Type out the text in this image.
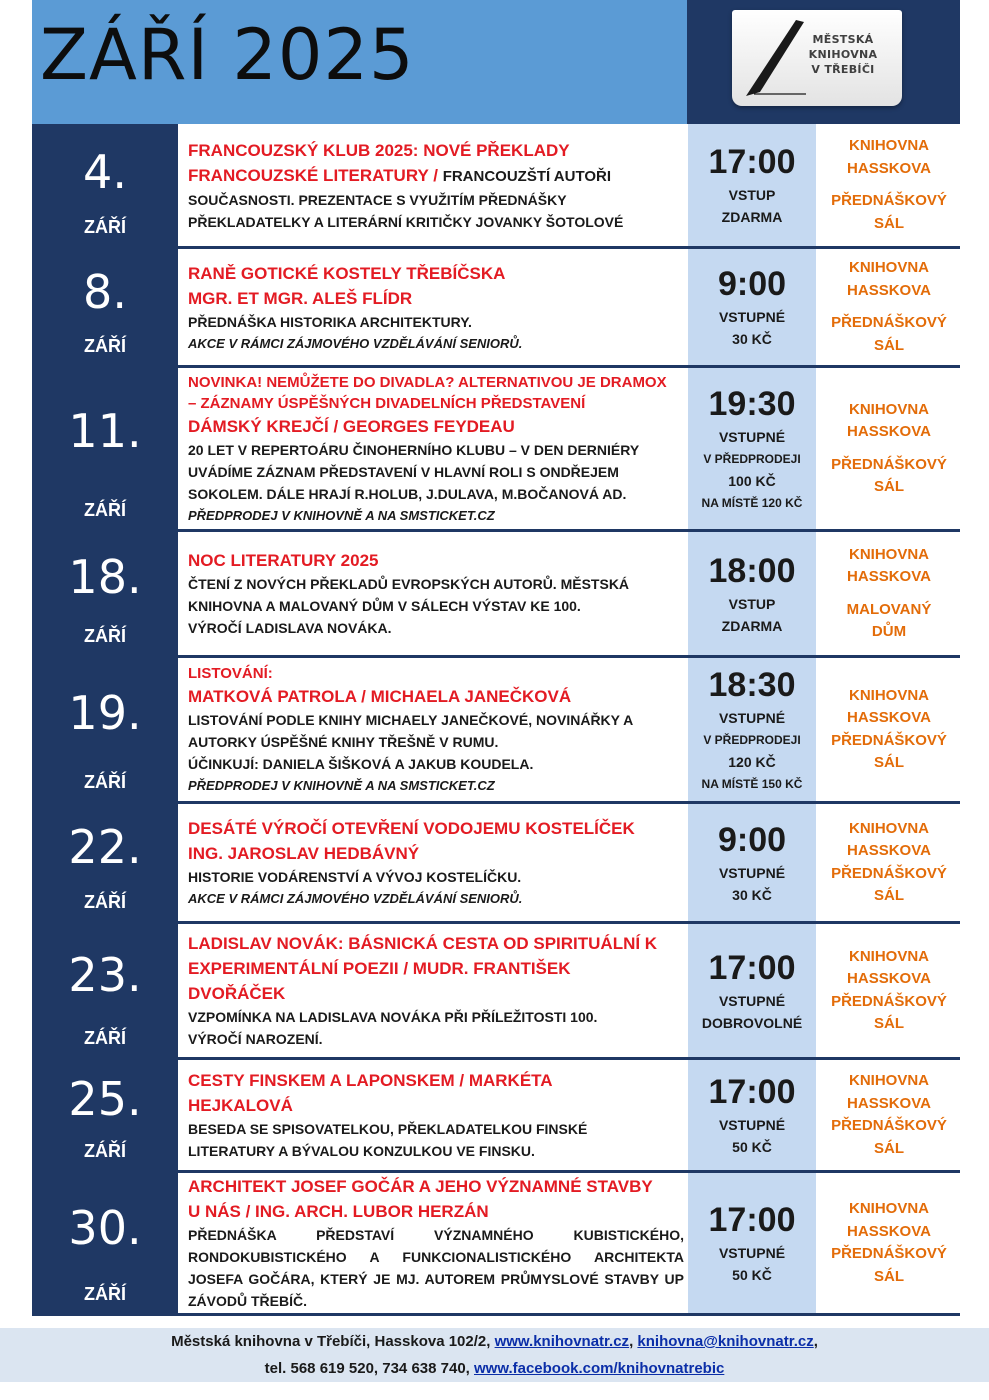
ZÁŘÍ 2025	MĚSTSKÁ
KNIHOVNA
V TŘEBÍČI
4.
ZÁŘÍ

FRANCOUZSKÝ KLUB 2025: NOVÉ PŘEKLADY

FRANCOUZSKÉ LITERATURY / FRANCOUZŠTÍ AUTOŘI

SOUČASNOSTI. PREZENTACE S VYUŽITÍM PŘEDNÁŠKY

PŘEKLADATELKY A LITERÁRNÍ KRITIČKY JOVANKY ŠOTOLOVÉ

17:00
VSTUP
ZDARMA
KNIHOVNA
HASSKOVA
PŘEDNÁŠKOVÝ
SÁL
8.
ZÁŘÍ

RANĚ GOTICKÉ KOSTELY TŘEBÍČSKA

MGR. ET MGR. ALEŠ FLÍDR

PŘEDNÁŠKA HISTORIKA ARCHITEKTURY.

AKCE V RÁMCI ZÁJMOVÉHO VZDĚLÁVÁNÍ SENIORŮ.

9:00
VSTUPNÉ
30 KČ
KNIHOVNA
HASSKOVA
PŘEDNÁŠKOVÝ
SÁL
11.
ZÁŘÍ

NOVINKA! NEMŮŽETE DO DIVADLA? ALTERNATIVOU JE DRAMOX

– ZÁZNAMY ÚSPĚŠNÝCH DIVADELNÍCH PŘEDSTAVENÍ

DÁMSKÝ KREJČÍ / GEORGES FEYDEAU

20 LET V REPERTOÁRU ČINOHERNÍHO KLUBU – V DEN DERNIÉRY

UVÁDÍME ZÁZNAM PŘEDSTAVENÍ V HLAVNÍ ROLI S ONDŘEJEM

SOKOLEM. DÁLE HRAJÍ R.HOLUB, J.DULAVA, M.BOČANOVÁ AD.

PŘEDPRODEJ V KNIHOVNĚ A NA SMSTICKET.CZ

19:30
VSTUPNÉ
V PŘEDPRODEJI
100 KČ
NA MÍSTĚ 120 KČ
KNIHOVNA
HASSKOVA
PŘEDNÁŠKOVÝ
SÁL
18.
ZÁŘÍ

NOC LITERATURY 2025

ČTENÍ Z NOVÝCH PŘEKLADŮ EVROPSKÝCH AUTORŮ. MĚSTSKÁ

KNIHOVNA A MALOVANÝ DŮM V SÁLECH VÝSTAV KE 100.

VÝROČÍ LADISLAVA NOVÁKA.

18:00
VSTUP
ZDARMA
KNIHOVNA
HASSKOVA
MALOVANÝ
DŮM
19.
ZÁŘÍ

LISTOVÁNÍ:

MATKOVÁ PATROLA / MICHAELA JANEČKOVÁ

LISTOVÁNÍ PODLE KNIHY MICHAELY JANEČKOVÉ, NOVINÁŘKY A

AUTORKY ÚSPĚŠNÉ KNIHY TŘEŠNĚ V RUMU.

ÚČINKUJÍ: DANIELA ŠIŠKOVÁ A JAKUB KOUDELA.

PŘEDPRODEJ V KNIHOVNĚ A NA SMSTICKET.CZ

18:30
VSTUPNÉ
V PŘEDPRODEJI
120 KČ
NA MÍSTĚ 150 KČ
KNIHOVNA
HASSKOVA
PŘEDNÁŠKOVÝ
SÁL
22.
ZÁŘÍ

DESÁTÉ VÝROČÍ OTEVŘENÍ VODOJEMU KOSTELÍČEK

ING. JAROSLAV HEDBÁVNÝ

HISTORIE VODÁRENSTVÍ A VÝVOJ KOSTELÍČKU.

AKCE V RÁMCI ZÁJMOVÉHO VZDĚLÁVÁNÍ SENIORŮ.

9:00
VSTUPNÉ
30 KČ
KNIHOVNA
HASSKOVA
PŘEDNÁŠKOVÝ
SÁL
23.
ZÁŘÍ

LADISLAV NOVÁK: BÁSNICKÁ CESTA OD SPIRITUÁLNÍ K

EXPERIMENTÁLNÍ POEZII / MUDR. FRANTIŠEK

DVOŘÁČEK

VZPOMÍNKA NA LADISLAVA NOVÁKA PŘI PŘÍLEŽITOSTI 100.

VÝROČÍ NAROZENÍ.

17:00
VSTUPNÉ
DOBROVOLNÉ
KNIHOVNA
HASSKOVA
PŘEDNÁŠKOVÝ
SÁL
25.
ZÁŘÍ

CESTY FINSKEM A LAPONSKEM / MARKÉTA

HEJKALOVÁ

BESEDA SE SPISOVATELKOU, PŘEKLADATELKOU FINSKÉ

LITERATURY A BÝVALOU KONZULKOU VE FINSKU.

17:00
VSTUPNÉ
50 KČ
KNIHOVNA
HASSKOVA
PŘEDNÁŠKOVÝ
SÁL
30.
ZÁŘÍ

ARCHITEKT JOSEF GOČÁR A JEHO VÝZNAMNÉ STAVBY

U NÁS / ING. ARCH. LUBOR HERZÁN

PŘEDNÁŠKA PŘEDSTAVÍ VÝZNAMNÉHO KUBISTICKÉHO, RONDOKUBISTICKÉHO A FUNKCIONALISTICKÉHO ARCHITEKTA JOSEFA GOČÁRA, KTERÝ JE MJ. AUTOREM PRŮMYSLOVÉ STAVBY UP ZÁVODŮ TŘEBÍČ.

17:00
VSTUPNÉ
50 KČ
KNIHOVNA
HASSKOVA
PŘEDNÁŠKOVÝ
SÁL

Městská knihovna v Třebíči, Hasskova 102/2, www.knihovnatr.cz, knihovna@knihovnatr.cz,

tel. 568 619 520, 734 638 740, www.facebook.com/knihovnatrebic
